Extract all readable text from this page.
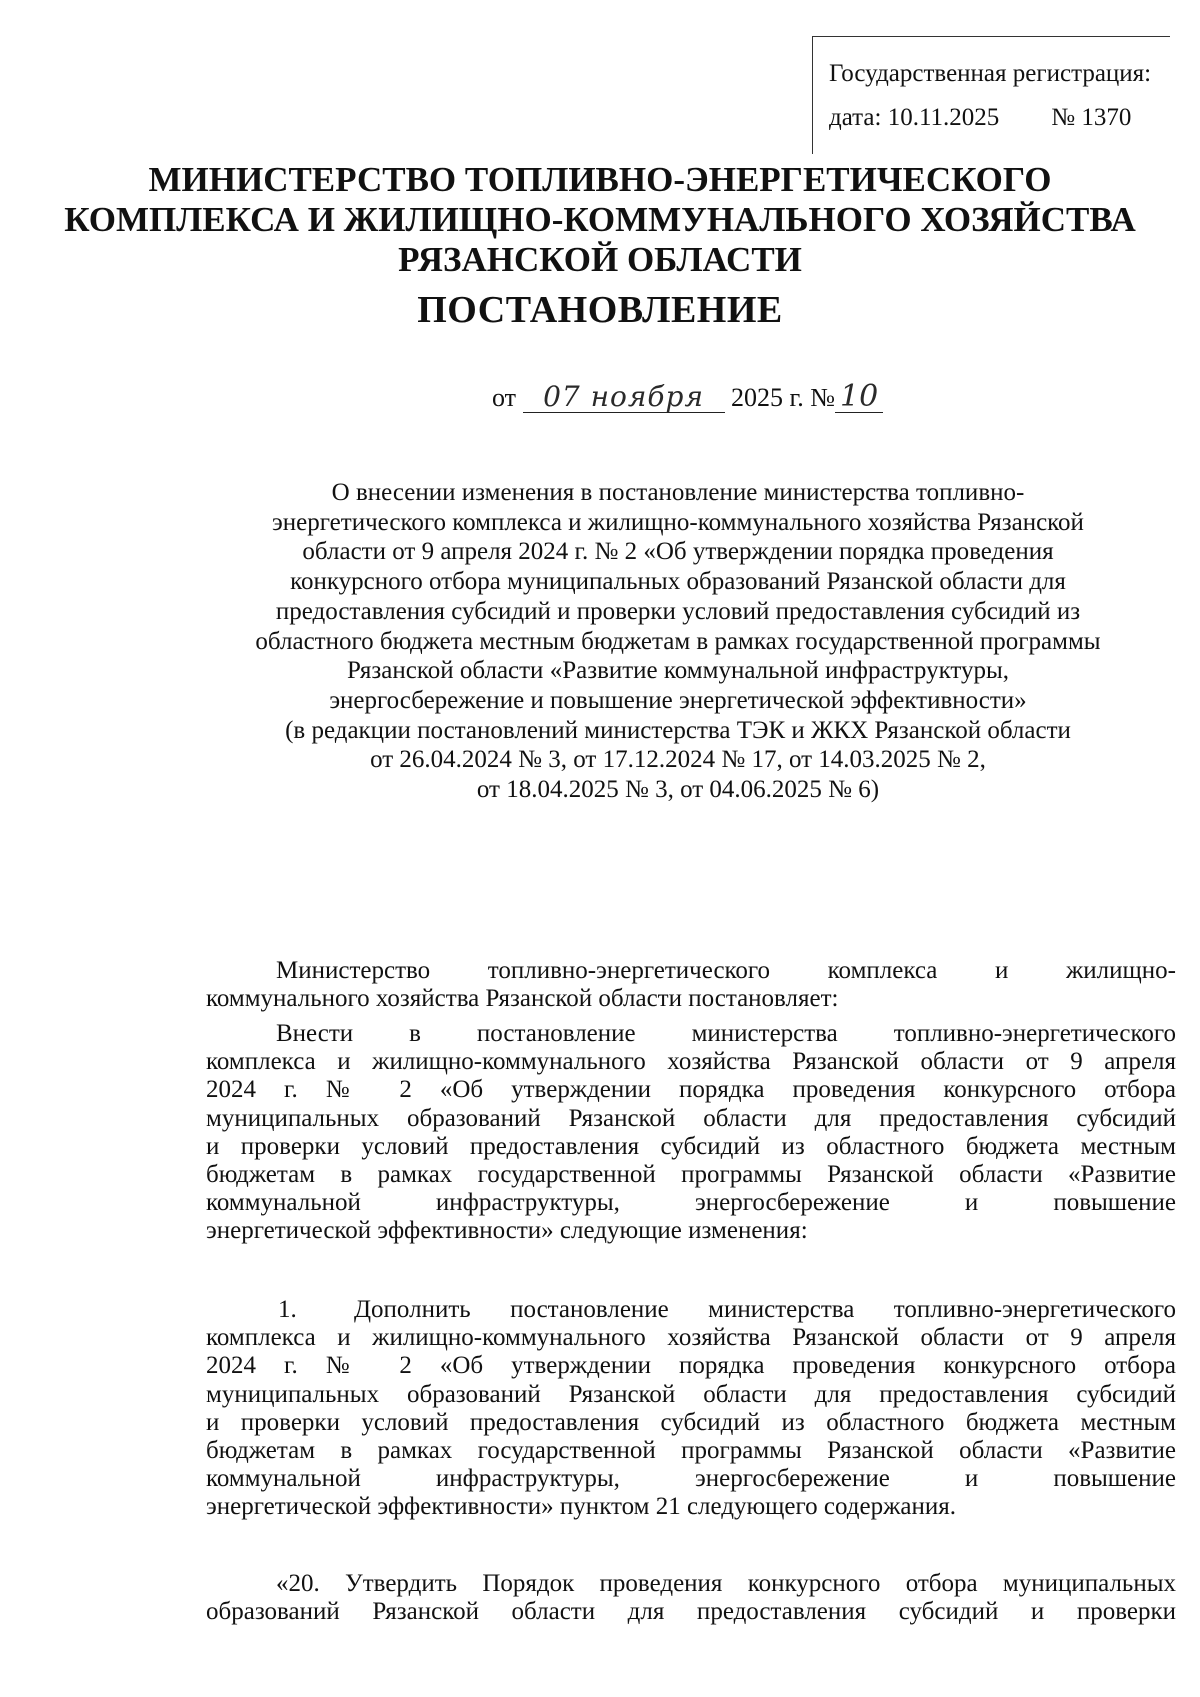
Государственная регистрация:
дата: 10.11.2025 № 1370
МИНИСТЕРСТВО ТОПЛИВНО-ЭНЕРГЕТИЧЕСКОГО
КОМПЛЕКСА И ЖИЛИЩНО-КОММУНАЛЬНОГО ХОЗЯЙСТВА
РЯЗАНСКОЙ ОБЛАСТИ
ПОСТАНОВЛЕНИЕ
от 07 ноября 2025 г. № 10
О внесении изменения в постановление министерства топливно-
энергетического комплекса и жилищно-коммунального хозяйства Рязанской
области от 9 апреля 2024 г. № 2 «Об утверждении порядка проведения
конкурсного отбора муниципальных образований Рязанской области для
предоставления субсидий и проверки условий предоставления субсидий из
областного бюджета местным бюджетам в рамках государственной программы
Рязанской области «Развитие коммунальной инфраструктуры,
энергосбережение и повышение энергетической эффективности»
(в редакции постановлений министерства ТЭК и ЖКХ Рязанской области
от 26.04.2024 № 3, от 17.12.2024 № 17, от 14.03.2025 № 2,
от 18.04.2025 № 3, от 04.06.2025 № 6)
Министерство топливно-энергетического комплекса и жилищно-
коммунального хозяйства Рязанской области постановляет:
Внести в постановление министерства топливно-энергетического
комплекса и жилищно-коммунального хозяйства Рязанской области от 9 апреля
2024 г. № 2 «Об утверждении порядка проведения конкурсного отбора
муниципальных образований Рязанской области для предоставления субсидий
и проверки условий предоставления субсидий из областного бюджета местным
бюджетам в рамках государственной программы Рязанской области «Развитие
коммунальной инфраструктуры, энергосбережение и повышение
энергетической эффективности» следующие изменения:
1. Дополнить постановление министерства топливно-энергетического
комплекса и жилищно-коммунального хозяйства Рязанской области от 9 апреля
2024 г. № 2 «Об утверждении порядка проведения конкурсного отбора
муниципальных образований Рязанской области для предоставления субсидий
и проверки условий предоставления субсидий из областного бюджета местным
бюджетам в рамках государственной программы Рязанской области «Развитие
коммунальной инфраструктуры, энергосбережение и повышение
энергетической эффективности» пунктом 21 следующего содержания.
«20. Утвердить Порядок проведения конкурсного отбора муниципальных
образований Рязанской области для предоставления субсидий и проверки
